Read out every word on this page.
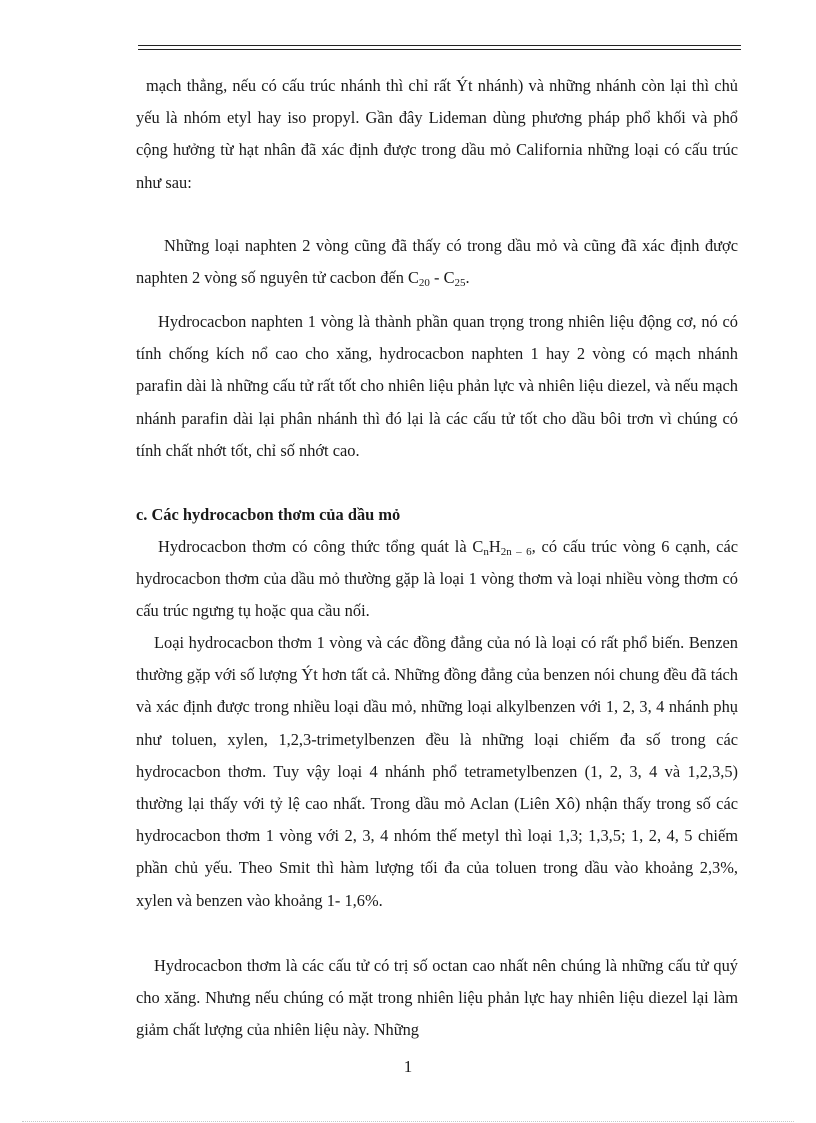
mạch thẳng, nếu có cấu trúc nhánh thì chỉ rất Ýt nhánh) và những nhánh còn lại thì chủ yếu là nhóm etyl hay iso propyl. Gần đây Lideman dùng phương pháp phổ khối và phổ cộng hưởng từ hạt nhân đã xác định được trong dầu mỏ California những loại có cấu trúc như sau:

Những loại naphten 2 vòng cũng đã thấy có trong dầu mỏ và cũng đã xác định được naphten 2 vòng số nguyên tử cacbon đến $C_{20} - C_{25}$.

Hydrocacbon naphten 1 vòng là thành phần quan trọng trong nhiên liệu động cơ, nó có tính chống kích nổ cao cho xăng, hydrocacbon naphten 1 hay 2 vòng có mạch nhánh parafin dài là những cấu tử rất tốt cho nhiên liệu phản lực và nhiên liệu diezel, và nếu mạch nhánh parafin dài lại phân nhánh thì đó lại là các cấu tử tốt cho dầu bôi trơn vì chúng có tính chất nhớt tốt, chỉ số nhớt cao.

c. Các hydrocacbon thơm của dầu mỏ

Hydrocacbon thơm có công thức tổng quát là $C_nH_{2n - 6}$, có cấu trúc vòng 6 cạnh, các hydrocacbon thơm của dầu mỏ thường gặp là loại 1 vòng thơm và loại nhiều vòng thơm có cấu trúc ngưng tụ hoặc qua cầu nối.

Loại hydrocacbon thơm 1 vòng và các đồng đẳng của nó là loại có rất phổ biến. Benzen thường gặp với số lượng Ýt hơn tất cả. Những đồng đẳng của benzen nói chung đều đã tách và xác định được trong nhiều loại dầu mỏ, những loại alkylbenzen với 1, 2, 3, 4 nhánh phụ như toluen, xylen, 1,2,3-trimetylbenzen đều là những loại chiếm đa số trong các hydrocacbon thơm. Tuy vậy loại 4 nhánh phổ tetrametylbenzen (1, 2, 3, 4 và 1,2,3,5) thường lại thấy với tỷ lệ cao nhất. Trong dầu mỏ Aclan (Liên Xô) nhận thấy trong số các hydrocacbon thơm 1 vòng với 2, 3, 4 nhóm thế metyl thì loại 1,3; 1,3,5; 1, 2, 4, 5 chiếm phần chủ yếu. Theo Smit thì hàm lượng tối đa của toluen trong dầu vào khoảng 2,3%, xylen và benzen vào khoảng 1- 1,6%.

Hydrocacbon thơm là các cấu tử có trị số octan cao nhất nên chúng là những cấu tử quý cho xăng. Nhưng nếu chúng có mặt trong nhiên liệu phản lực hay nhiên liệu diezel lại làm giảm chất lượng của nhiên liệu này. Những

1
